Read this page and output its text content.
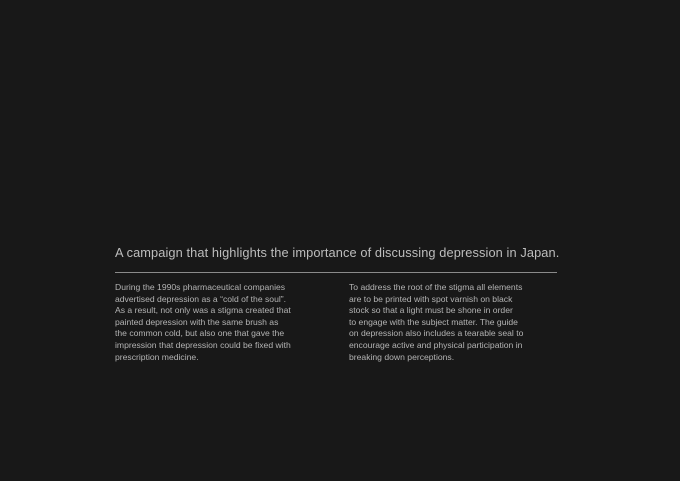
A campaign that highlights the importance of discussing depression in Japan.

During the 1990s pharmaceutical companies
advertised depression as a “cold of the soul”.
As a result, not only was a stigma created that
painted depression with the same brush as
the common cold, but also one that gave the
impression that depression could be fixed with
prescription medicine.

To address the root of the stigma all elements
are to be printed with spot varnish on black
stock so that a light must be shone in order
to engage with the subject matter. The guide
on depression also includes a tearable seal to
encourage active and physical participation in
breaking down perceptions.
